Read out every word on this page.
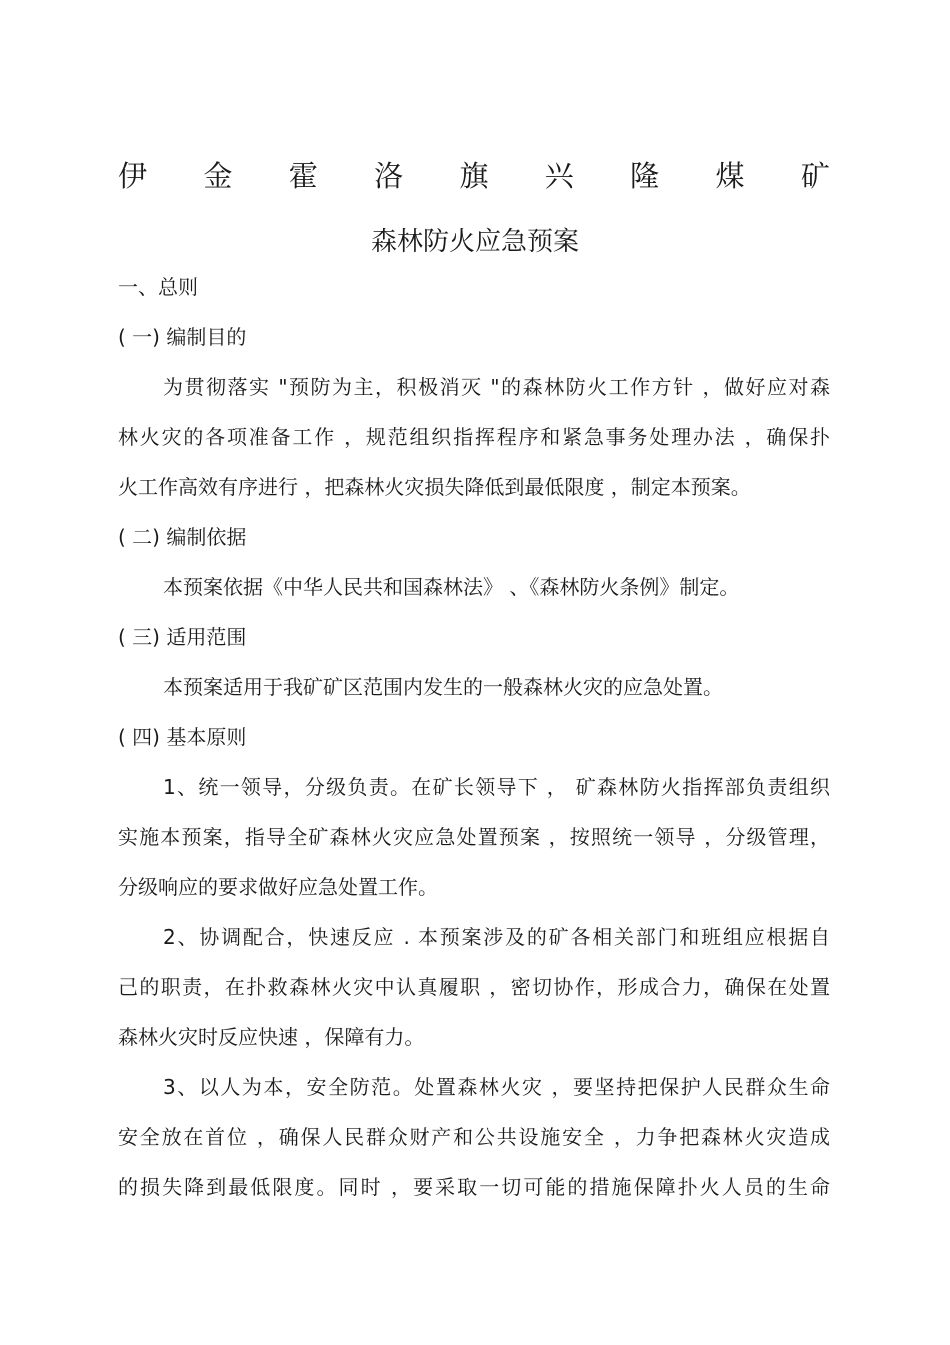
伊 金 霍 洛 旗 兴 隆 煤 矿
森林防火应急预案
一、总则
( 一) 编制目的
为贯彻落实 "预防为主，积极消灭 "的森林防火工作方针 ，做好应对森
林火灾的各项准备工作 ，规范组织指挥程序和紧急事务处理办法 ，确保扑
火工作高效有序进行 ，把森林火灾损失降低到最低限度 ，制定本预案。
( 二) 编制依据
本预案依据《中华人民共和国森林法》 、《森林防火条例》制定。
( 三) 适用范围
本预案适用于我矿矿区范围内发生的一般森林火灾的应急处置。
( 四) 基本原则
1、统一领导，分级负责。在矿长领导下 ， 矿森林防火指挥部负责组织
实施本预案，指导全矿森林火灾应急处置预案 ，按照统一领导 ，分级管理，
分级响应的要求做好应急处置工作。
2、协调配合，快速反应 . 本预案涉及的矿各相关部门和班组应根据自
己的职责，在扑救森林火灾中认真履职 ，密切协作，形成合力，确保在处置
森林火灾时反应快速 ，保障有力。
3、以人为本，安全防范。处置森林火灾 ，要坚持把保护人民群众生命
安全放在首位 ，确保人民群众财产和公共设施安全 ，力争把森林火灾造成
的损失降到最低限度。同时 ，要采取一切可能的措施保障扑火人员的生命
